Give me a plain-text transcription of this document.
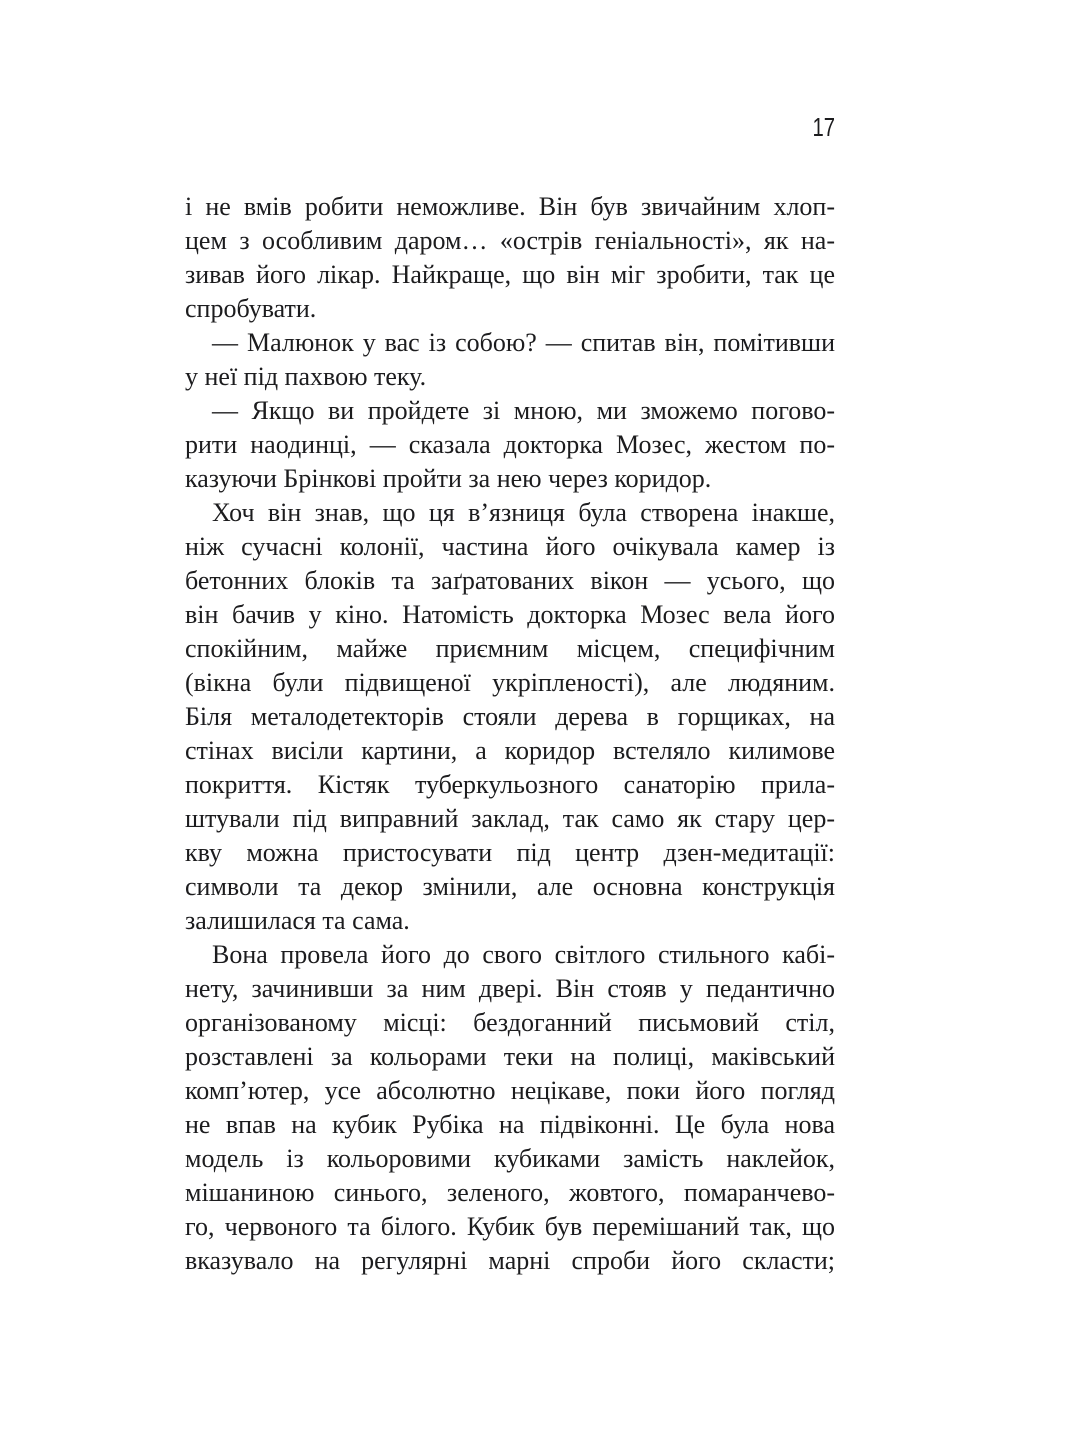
17
і не вмів робити неможливе. Він був звичайним хлоп-
цем з особливим даром… «острів геніальності», як на-
зивав його лікар. Найкраще, що він міг зробити, так це
спробувати.
— Малюнок у вас із собою? — спитав він, помітивши
у неї під пахвою теку.
— Якщо ви пройдете зі мною, ми зможемо погово-
рити наодинці, — сказала докторка Мозес, жестом по-
казуючи Брінкові пройти за нею через коридор.
Хоч він знав, що ця в’язниця була створена інакше,
ніж сучасні колонії, частина його очікувала камер із
бетонних блоків та заґратованих вікон — усього, що
він бачив у кіно. Натомість докторка Мозес вела його
спокійним, майже приємним місцем, специфічним
(вікна були підвищеної укріпленості), але людяним.
Біля металодетекторів стояли дерева в горщиках, на
стінах висіли картини, а коридор встеляло килимове
покриття. Кістяк туберкульозного санаторію прила-
штували під виправний заклад, так само як стару цер-
кву можна пристосувати під центр дзен-медитації:
символи та декор змінили, але основна конструкція
залишилася та сама.
Вона провела його до свого світлого стильного кабі-
нету, зачинивши за ним двері. Він стояв у педантично
організованому місці: бездоганний письмовий стіл,
розставлені за кольорами теки на полиці, маківський
комп’ютер, усе абсолютно нецікаве, поки його погляд
не впав на кубик Рубіка на підвіконні. Це була нова
модель із кольоровими кубиками замість наклейок,
мішаниною синього, зеленого, жовтого, помаранчево-
го, червоного та білого. Кубик був перемішаний так, що
вказувало на регулярні марні спроби його скласти;
